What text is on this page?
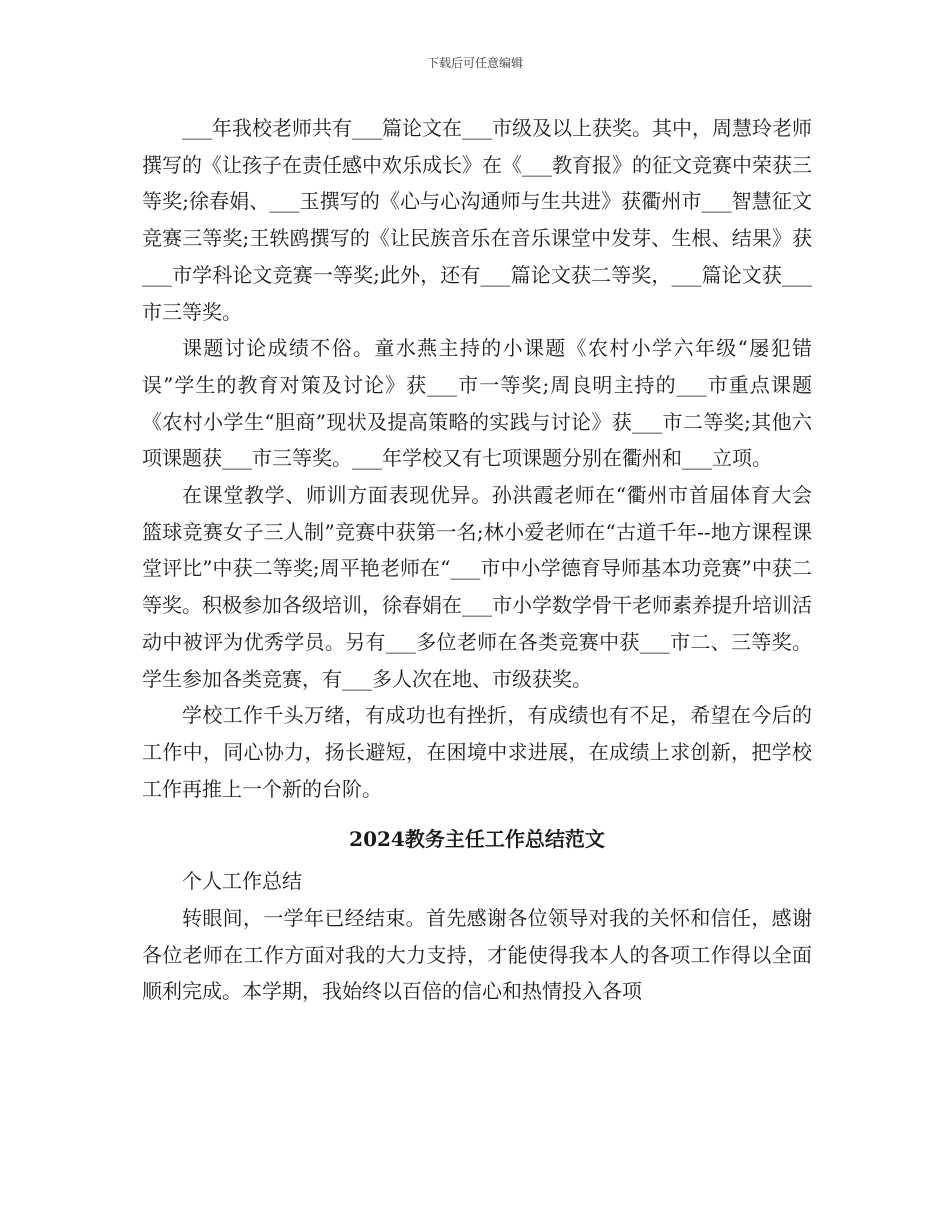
下载后可任意编辑

___年我校老师共有___篇论文在___市级及以上获奖。其中，周慧玲老师撰写的《让孩子在责任感中欢乐成长》在《___教育报》的征文竞赛中荣获三等奖;徐春娟、___玉撰写的《心与心沟通师与生共进》获衢州市___智慧征文竞赛三等奖;王轶鸥撰写的《让民族音乐在音乐课堂中发芽、生根、结果》获___市学科论文竞赛一等奖;此外，还有___篇论文获二等奖，___篇论文获___市三等奖。

课题讨论成绩不俗。童水燕主持的小课题《农村小学六年级“屡犯错误”学生的教育对策及讨论》获___市一等奖;周良明主持的___市重点课题《农村小学生“胆商”现状及提高策略的实践与讨论》获___市二等奖;其他六项课题获___市三等奖。___年学校又有七项课题分别在衢州和___立项。

在课堂教学、师训方面表现优异。孙洪霞老师在“衢州市首届体育大会篮球竞赛女子三人制”竞赛中获第一名;林小爱老师在“古道千年--地方课程课堂评比”中获二等奖;周平艳老师在“___市中小学德育导师基本功竞赛”中获二等奖。积极参加各级培训，徐春娟在___市小学数学骨干老师素养提升培训活动中被评为优秀学员。另有___多位老师在各类竞赛中获___市二、三等奖。学生参加各类竞赛，有___多人次在地、市级获奖。

学校工作千头万绪，有成功也有挫折，有成绩也有不足，希望在今后的工作中，同心协力，扬长避短，在困境中求进展，在成绩上求创新，把学校工作再推上一个新的台阶。

2024教务主任工作总结范文

个人工作总结

转眼间，一学年已经结束。首先感谢各位领导对我的关怀和信任，感谢各位老师在工作方面对我的大力支持，才能使得我本人的各项工作得以全面顺利完成。本学期，我始终以百倍的信心和热情投入各项
